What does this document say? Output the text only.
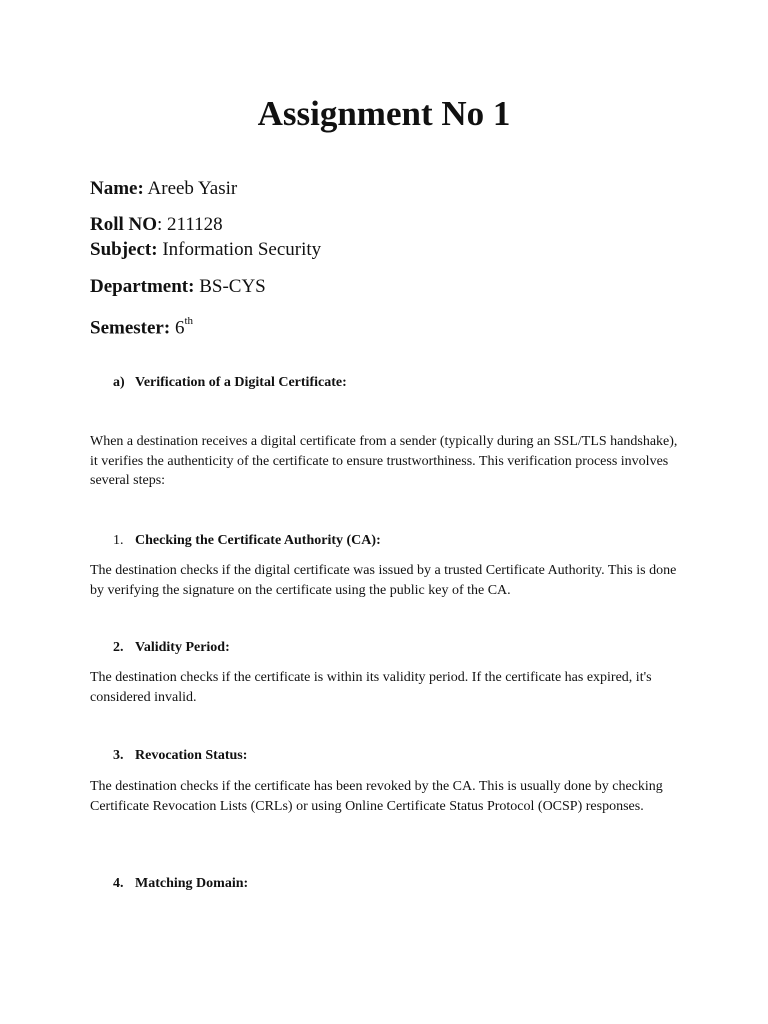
Assignment No 1
Name: Areeb Yasir
Roll NO: 211128
Subject: Information Security
Department: BS-CYS
Semester: 6th
a) Verification of a Digital Certificate:

When a destination receives a digital certificate from a sender (typically during an SSL/TLS handshake), it verifies the authenticity of the certificate to ensure trustworthiness. This verification process involves several steps:

1. Checking the Certificate Authority (CA):

The destination checks if the digital certificate was issued by a trusted Certificate Authority. This is done by verifying the signature on the certificate using the public key of the CA.

2. Validity Period:

The destination checks if the certificate is within its validity period. If the certificate has expired, it's considered invalid.

3. Revocation Status:

The destination checks if the certificate has been revoked by the CA. This is usually done by checking Certificate Revocation Lists (CRLs) or using Online Certificate Status Protocol (OCSP) responses.

4. Matching Domain:
